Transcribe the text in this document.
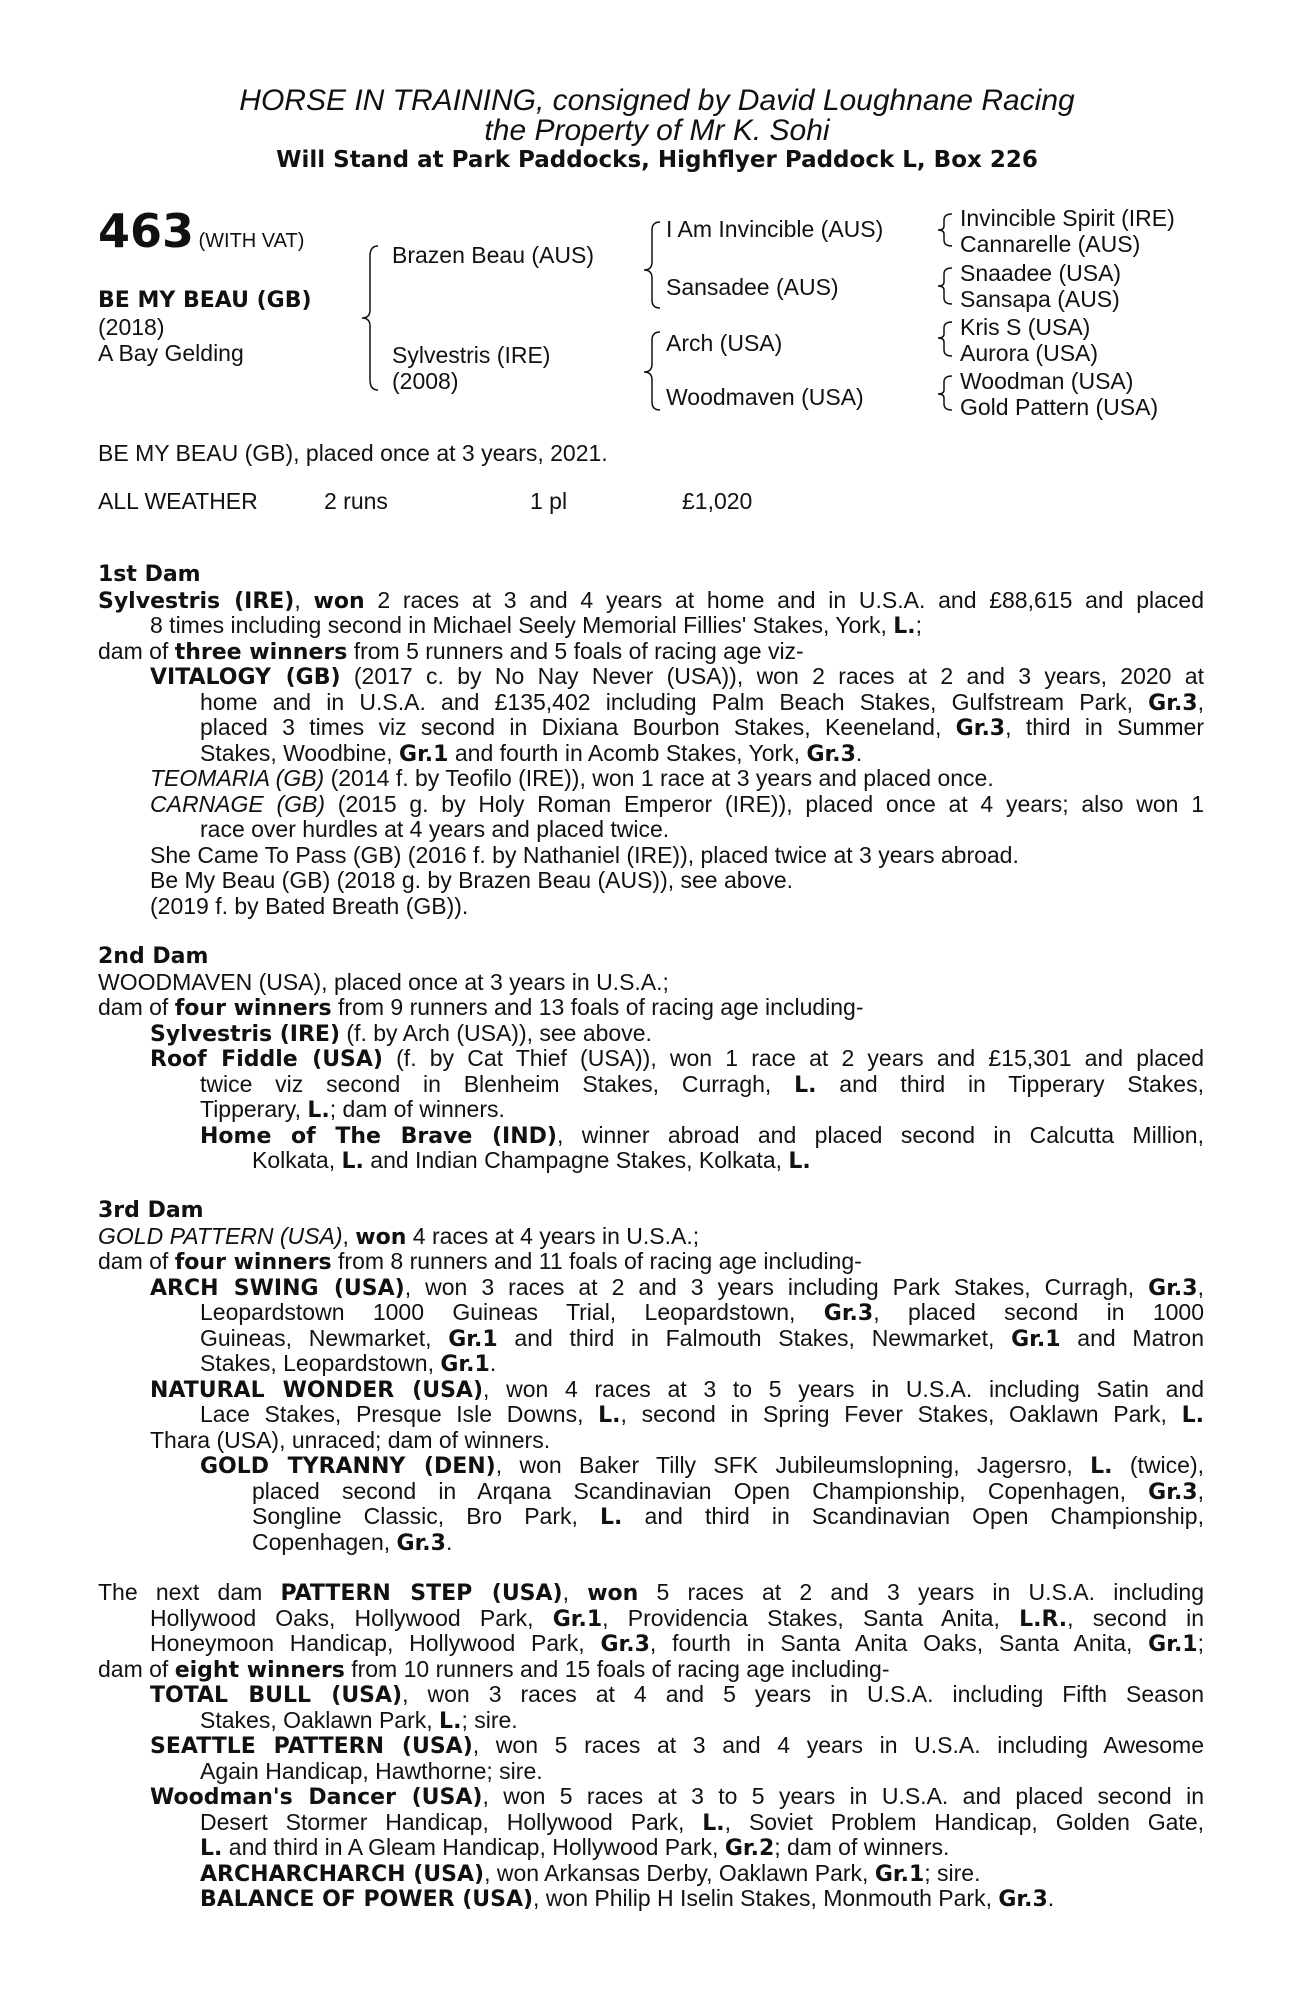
HORSE IN TRAINING, consigned by David Loughnane Racing
the Property of Mr K. Sohi
Will Stand at Park Paddocks, Highflyer Paddock L, Box 226
463 (WITH VAT)
BE MY BEAU (GB)
(2018)
A Bay Gelding
Brazen Beau (AUS)
Sylvestris (IRE)
(2008)
I Am Invincible (AUS)
Sansadee (AUS)
Arch (USA)
Woodmaven (USA)
Invincible Spirit (IRE)
Cannarelle (AUS)
Snaadee (USA)
Sansapa (AUS)
Kris S (USA)
Aurora (USA)
Woodman (USA)
Gold Pattern (USA)
BE MY BEAU (GB), placed once at 3 years, 2021.
ALL WEATHER	2 runs	1 pl	£1,020
1st Dam
Sylvestris (IRE), won 2 races at 3 and 4 years at home and in U.S.A. and £88,615 and placed
8 times including second in Michael Seely Memorial Fillies' Stakes, York, L.;
dam of three winners from 5 runners and 5 foals of racing age viz-
VITALOGY (GB) (2017 c. by No Nay Never (USA)), won 2 races at 2 and 3 years, 2020 at
home and in U.S.A. and £135,402 including Palm Beach Stakes, Gulfstream Park, Gr.3,
placed 3 times viz second in Dixiana Bourbon Stakes, Keeneland, Gr.3, third in Summer
Stakes, Woodbine, Gr.1 and fourth in Acomb Stakes, York, Gr.3.
TEOMARIA (GB) (2014 f. by Teofilo (IRE)), won 1 race at 3 years and placed once.
CARNAGE (GB) (2015 g. by Holy Roman Emperor (IRE)), placed once at 4 years; also won 1
race over hurdles at 4 years and placed twice.
She Came To Pass (GB) (2016 f. by Nathaniel (IRE)), placed twice at 3 years abroad.
Be My Beau (GB) (2018 g. by Brazen Beau (AUS)), see above.
(2019 f. by Bated Breath (GB)).
2nd Dam
WOODMAVEN (USA), placed once at 3 years in U.S.A.;
dam of four winners from 9 runners and 13 foals of racing age including-
Sylvestris (IRE) (f. by Arch (USA)), see above.
Roof Fiddle (USA) (f. by Cat Thief (USA)), won 1 race at 2 years and £15,301 and placed
twice viz second in Blenheim Stakes, Curragh, L. and third in Tipperary Stakes,
Tipperary, L.; dam of winners.
Home of The Brave (IND), winner abroad and placed second in Calcutta Million,
Kolkata, L. and Indian Champagne Stakes, Kolkata, L.
3rd Dam
GOLD PATTERN (USA), won 4 races at 4 years in U.S.A.;
dam of four winners from 8 runners and 11 foals of racing age including-
ARCH SWING (USA), won 3 races at 2 and 3 years including Park Stakes, Curragh, Gr.3,
Leopardstown 1000 Guineas Trial, Leopardstown, Gr.3, placed second in 1000
Guineas, Newmarket, Gr.1 and third in Falmouth Stakes, Newmarket, Gr.1 and Matron
Stakes, Leopardstown, Gr.1.
NATURAL WONDER (USA), won 4 races at 3 to 5 years in U.S.A. including Satin and
Lace Stakes, Presque Isle Downs, L., second in Spring Fever Stakes, Oaklawn Park, L.
Thara (USA), unraced; dam of winners.
GOLD TYRANNY (DEN), won Baker Tilly SFK Jubileumslopning, Jagersro, L. (twice),
placed second in Arqana Scandinavian Open Championship, Copenhagen, Gr.3,
Songline Classic, Bro Park, L. and third in Scandinavian Open Championship,
Copenhagen, Gr.3.
The next dam PATTERN STEP (USA), won 5 races at 2 and 3 years in U.S.A. including
Hollywood Oaks, Hollywood Park, Gr.1, Providencia Stakes, Santa Anita, L.R., second in
Honeymoon Handicap, Hollywood Park, Gr.3, fourth in Santa Anita Oaks, Santa Anita, Gr.1;
dam of eight winners from 10 runners and 15 foals of racing age including-
TOTAL BULL (USA), won 3 races at 4 and 5 years in U.S.A. including Fifth Season
Stakes, Oaklawn Park, L.; sire.
SEATTLE PATTERN (USA), won 5 races at 3 and 4 years in U.S.A. including Awesome
Again Handicap, Hawthorne; sire.
Woodman's Dancer (USA), won 5 races at 3 to 5 years in U.S.A. and placed second in
Desert Stormer Handicap, Hollywood Park, L., Soviet Problem Handicap, Golden Gate,
L. and third in A Gleam Handicap, Hollywood Park, Gr.2; dam of winners.
ARCHARCHARCH (USA), won Arkansas Derby, Oaklawn Park, Gr.1; sire.
BALANCE OF POWER (USA), won Philip H Iselin Stakes, Monmouth Park, Gr.3.
